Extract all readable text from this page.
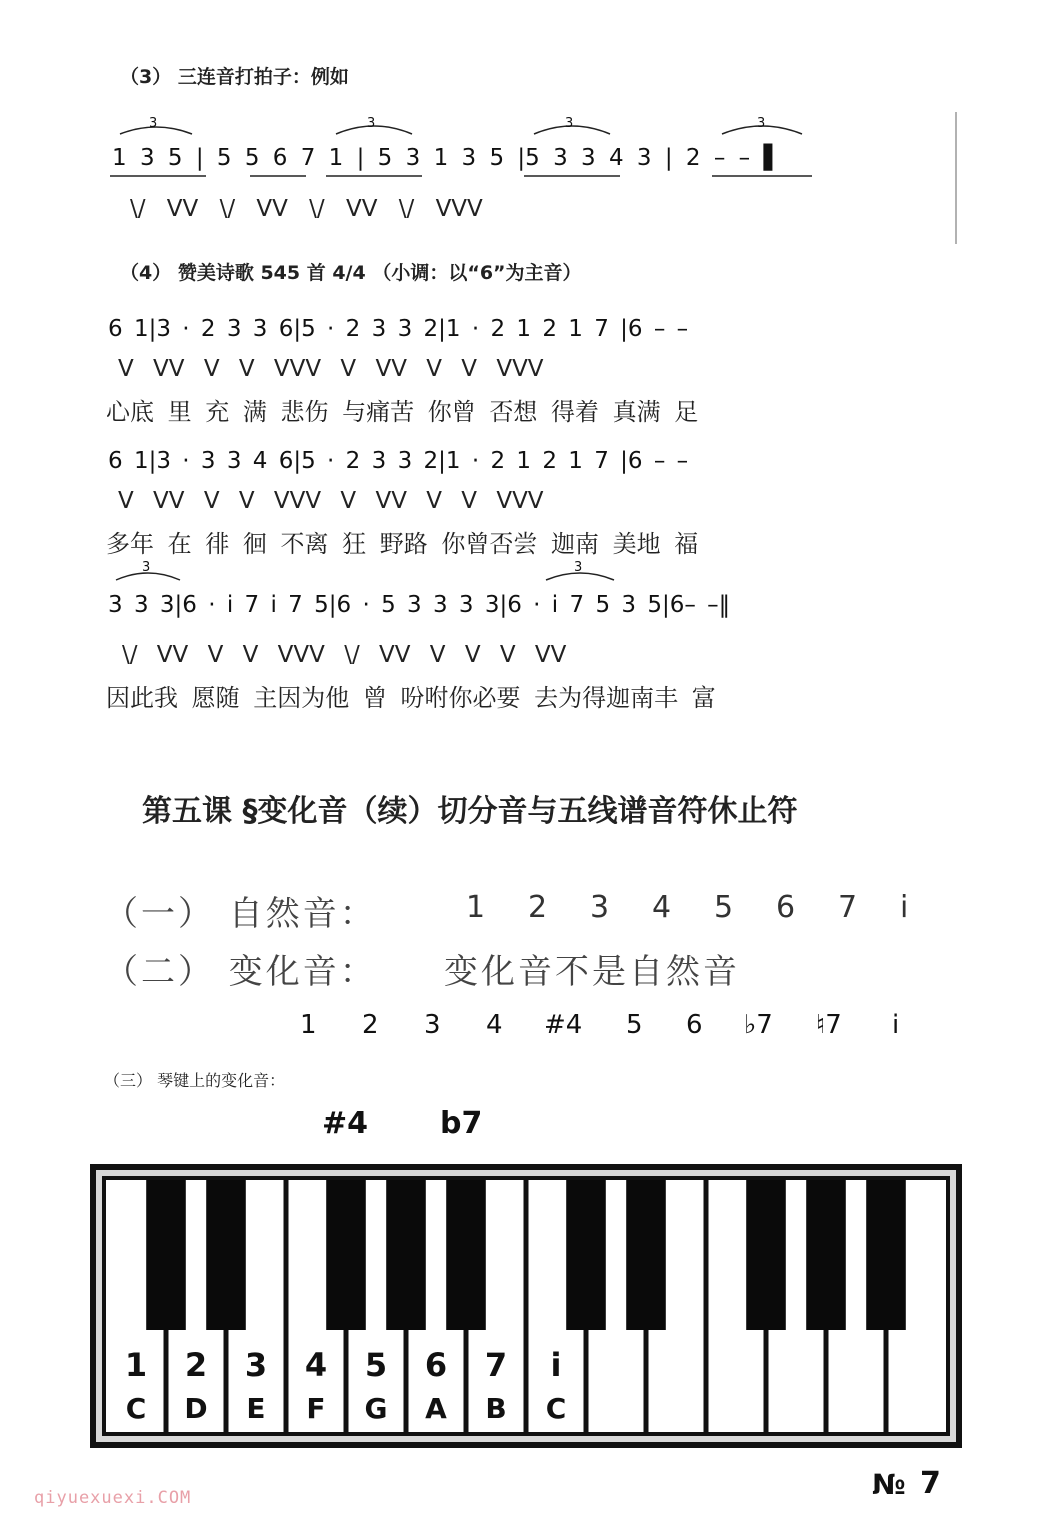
（3） 三连音打拍子：例如
3	3	3	3
1 3 5 | 5 5 6 7 1 | 5 3 1 3 5 |5 3 3 4 3 | 2 – – ▌
\/ VV \/ VV \/ VV \/ VVV
（4） 赞美诗歌 545 首 4/4 （小调：以“6”为主音）
6 1|3 · 2 3 3 6|5 · 2 3 3 2|1 · 2 1 2 1 7 |6 – –
V VV V V VVV V VV V V VVV
心底 里 充 满 悲伤 与痛苦 你曾 否想 得着 真满 足
6 1|3 · 3 3 4 6|5 · 2 3 3 2|1 · 2 1 2 1 7 |6 – –
V VV V V VVV V VV V V VVV
多年 在 徘 徊 不离 狂 野路 你曾否尝 迦南 美地 福
3	3
3 3 3|6 · i 7 i 7 5|6 · 5 3 3 3 3|6 · i 7 5 3 5|6– –‖
\/ VV V V VVV \/ VV V V V VV
因此我 愿随 主因为他 曾 吩咐你必要 去为得迦南丰 富
第五课 §变化音（续）切分音与五线谱音符休止符
（一） 自然音：	1 2 3 4 5 6 7 i
（二） 变化音： 变化音不是自然音
1 2 3 4 #4 5 6 ♭7 ♮7 i
（三） 琴键上的变化音：
#4 b7
1
C
2
D
3
E
4
F
5
G
6
A
7
B
i
C
№ 7
qiyuexuexi.COM
